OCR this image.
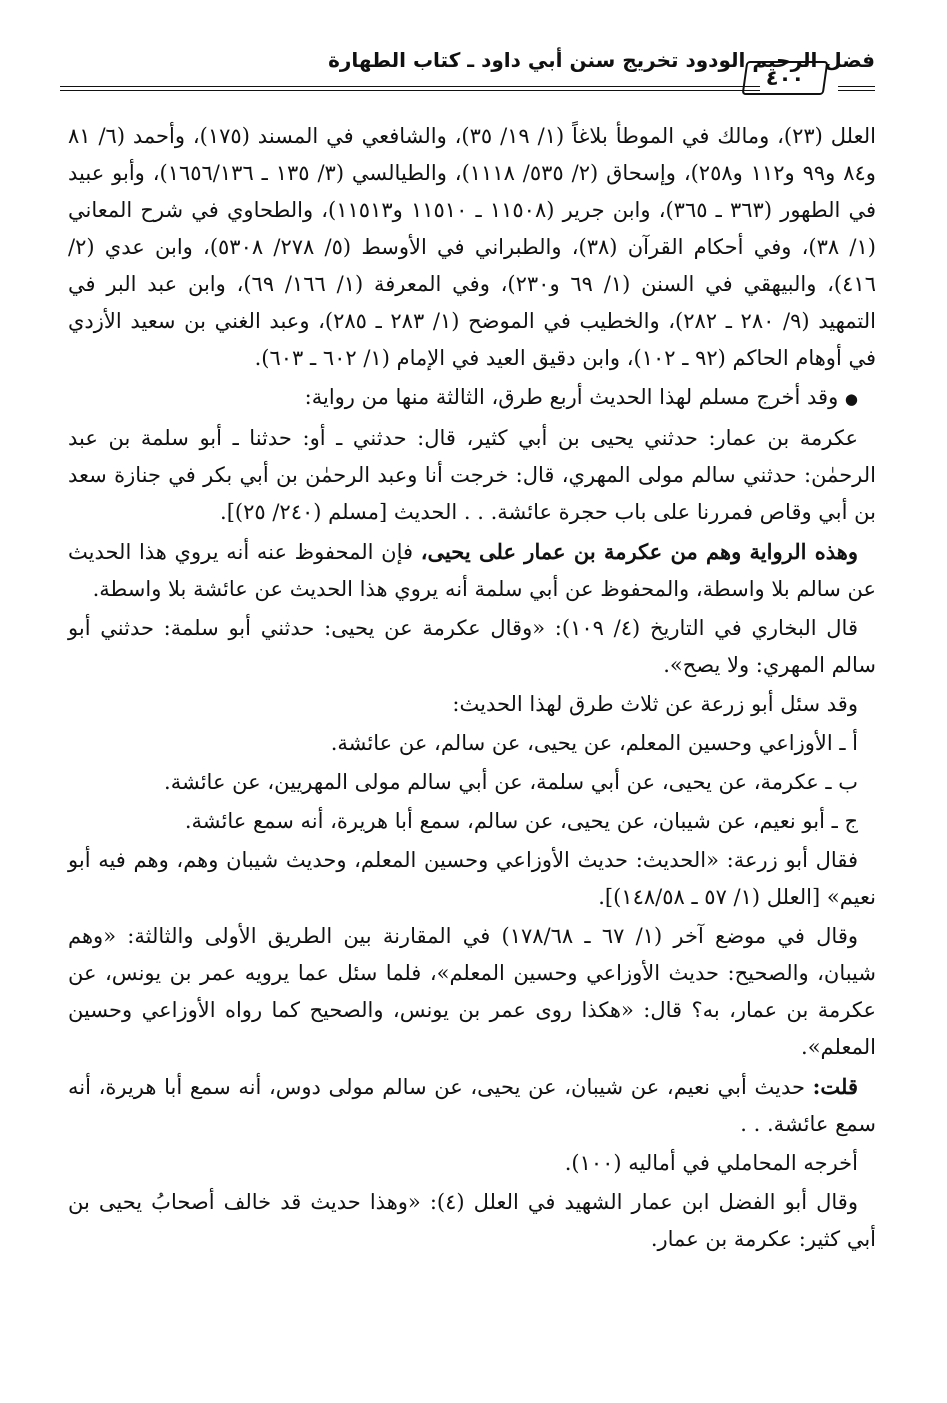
فضل الرحيم الودود تخريج سنن أبي داود ـ كتاب الطهارة
٤٠٠

العلل (٢٣)، ومالك في الموطأ بلاغاً (١/ ١٩/ ٣٥)، والشافعي في المسند (١٧٥)، وأحمد (٦/ ٨١ و٨٤ و٩٩ و١١٢ و٢٥٨)، وإسحاق (٢/ ٥٣٥/ ١١١٨)، والطيالسي (٣/ ١٣٥ ـ ١٦٥٦/١٣٦)، وأبو عبيد في الطهور (٣٦٣ ـ ٣٦٥)، وابن جرير (١١٥٠٨ ـ ١١٥١٠ و١١٥١٣)، والطحاوي في شرح المعاني (١/ ٣٨)، وفي أحكام القرآن (٣٨)، والطبراني في الأوسط (٥/ ٢٧٨/ ٥٣٠٨)، وابن عدي (٢/ ٤١٦)، والبيهقي في السنن (١/ ٦٩ و٢٣٠)، وفي المعرفة (١/ ١٦٦/ ٦٩)، وابن عبد البر في التمهيد (٩/ ٢٨٠ ـ ٢٨٢)، والخطيب في الموضح (١/ ٢٨٣ ـ ٢٨٥)، وعبد الغني بن سعيد الأزدي في أوهام الحاكم (٩٢ ـ ١٠٢)، وابن دقيق العيد في الإمام (١/ ٦٠٢ ـ ٦٠٣).

● وقد أخرج مسلم لهذا الحديث أربع طرق، الثالثة منها من رواية:

عكرمة بن عمار: حدثني يحيى بن أبي كثير، قال: حدثني ـ أو: حدثنا ـ أبو سلمة بن عبد الرحمٰن: حدثني سالم مولى المهري، قال: خرجت أنا وعبد الرحمٰن بن أبي بكر في جنازة سعد بن أبي وقاص فمررنا على باب حجرة عائشة. . . الحديث [مسلم (٢٤٠/ ٢٥)].

وهذه الرواية وهم من عكرمة بن عمار على يحيى، فإن المحفوظ عنه أنه يروي هذا الحديث عن سالم بلا واسطة، والمحفوظ عن أبي سلمة أنه يروي هذا الحديث عن عائشة بلا واسطة.

قال البخاري في التاريخ (٤/ ١٠٩): «وقال عكرمة عن يحيى: حدثني أبو سلمة: حدثني أبو سالم المهري: ولا يصح».

وقد سئل أبو زرعة عن ثلاث طرق لهذا الحديث:

أ ـ الأوزاعي وحسين المعلم، عن يحيى، عن سالم، عن عائشة.

ب ـ عكرمة، عن يحيى، عن أبي سلمة، عن أبي سالم مولى المهريين، عن عائشة.

ج ـ أبو نعيم، عن شيبان، عن يحيى، عن سالم، سمع أبا هريرة، أنه سمع عائشة.

فقال أبو زرعة: «الحديث: حديث الأوزاعي وحسين المعلم، وحديث شيبان وهم، وهم فيه أبو نعيم» [العلل (١/ ٥٧ ـ ١٤٨/٥٨)].

وقال في موضع آخر (١/ ٦٧ ـ ١٧٨/٦٨) في المقارنة بين الطريق الأولى والثالثة: «وهم شيبان، والصحيح: حديث الأوزاعي وحسين المعلم»، فلما سئل عما يرويه عمر بن يونس، عن عكرمة بن عمار، به؟ قال: «هكذا روى عمر بن يونس، والصحيح كما رواه الأوزاعي وحسين المعلم».

قلت: حديث أبي نعيم، عن شيبان، عن يحيى، عن سالم مولى دوس، أنه سمع أبا هريرة، أنه سمع عائشة. . .

أخرجه المحاملي في أماليه (١٠٠).

وقال أبو الفضل ابن عمار الشهيد في العلل (٤): «وهذا حديث قد خالف أصحابُ يحيى بن أبي كثير: عكرمة بن عمار.
